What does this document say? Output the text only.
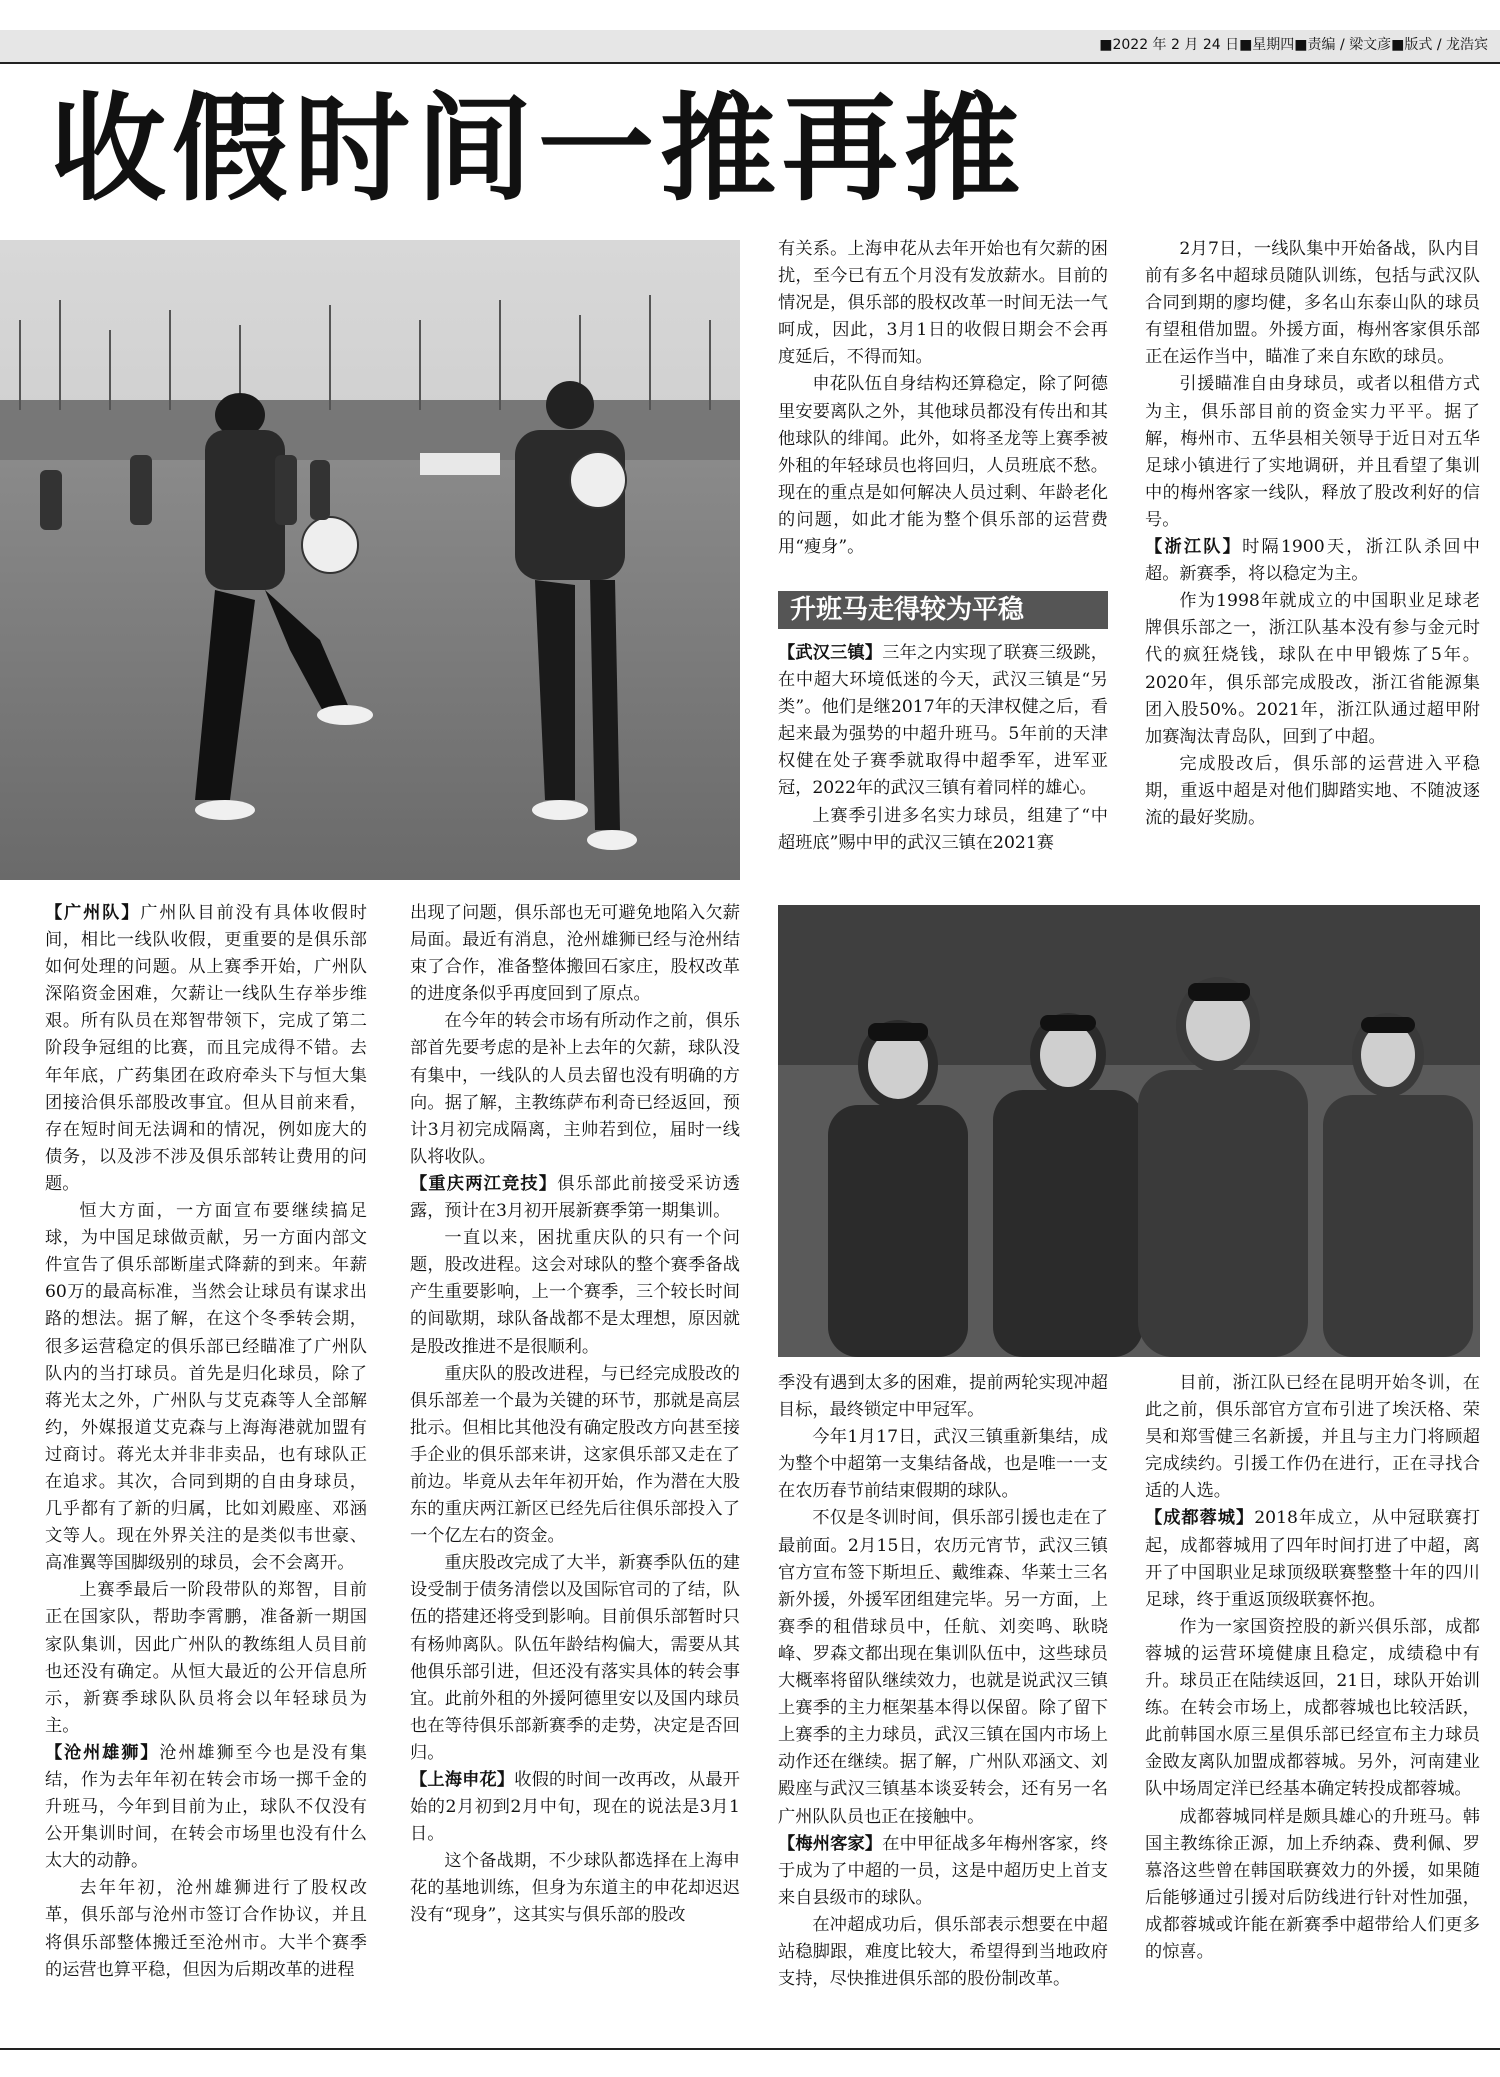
■2022 年 2 月 24 日■星期四■责编 / 梁文彦■版式 / 龙浩宾
收假时间一推再推

【广州队】广州队目前没有具体收假时间，相比一线队收假，更重要的是俱乐部如何处理的问题。从上赛季开始，广州队深陷资金困难，欠薪让一线队生存举步维艰。所有队员在郑智带领下，完成了第二阶段争冠组的比赛，而且完成得不错。去年年底，广药集团在政府牵头下与恒大集团接洽俱乐部股改事宜。但从目前来看，存在短时间无法调和的情况，例如庞大的债务，以及涉不涉及俱乐部转让费用的问题。

恒大方面，一方面宣布要继续搞足球，为中国足球做贡献，另一方面内部文件宣告了俱乐部断崖式降薪的到来。年薪60万的最高标准，当然会让球员有谋求出路的想法。据了解，在这个冬季转会期，很多运营稳定的俱乐部已经瞄准了广州队队内的当打球员。首先是归化球员，除了蒋光太之外，广州队与艾克森等人全部解约，外媒报道艾克森与上海海港就加盟有过商讨。蒋光太并非非卖品，也有球队正在追求。其次，合同到期的自由身球员，几乎都有了新的归属，比如刘殿座、邓涵文等人。现在外界关注的是类似韦世豪、高准翼等国脚级别的球员，会不会离开。

上赛季最后一阶段带队的郑智，目前正在国家队，帮助李霄鹏，准备新一期国家队集训，因此广州队的教练组人员目前也还没有确定。从恒大最近的公开信息所示，新赛季球队队员将会以年轻球员为主。

【沧州雄狮】沧州雄狮至今也是没有集结，作为去年年初在转会市场一掷千金的升班马，今年到目前为止，球队不仅没有公开集训时间，在转会市场里也没有什么太大的动静。

去年年初，沧州雄狮进行了股权改革，俱乐部与沧州市签订合作协议，并且将俱乐部整体搬迁至沧州市。大半个赛季的运营也算平稳，但因为后期改革的进程

出现了问题，俱乐部也无可避免地陷入欠薪局面。最近有消息，沧州雄狮已经与沧州结束了合作，准备整体搬回石家庄，股权改革的进度条似乎再度回到了原点。

在今年的转会市场有所动作之前，俱乐部首先要考虑的是补上去年的欠薪，球队没有集中，一线队的人员去留也没有明确的方向。据了解，主教练萨布利奇已经返回，预计3月初完成隔离，主帅若到位，届时一线队将收队。

【重庆两江竞技】俱乐部此前接受采访透露，预计在3月初开展新赛季第一期集训。

一直以来，困扰重庆队的只有一个问题，股改进程。这会对球队的整个赛季备战产生重要影响，上一个赛季，三个较长时间的间歇期，球队备战都不是太理想，原因就是股改推进不是很顺利。

重庆队的股改进程，与已经完成股改的俱乐部差一个最为关键的环节，那就是高层批示。但相比其他没有确定股改方向甚至接手企业的俱乐部来讲，这家俱乐部又走在了前边。毕竟从去年年初开始，作为潜在大股东的重庆两江新区已经先后往俱乐部投入了一个亿左右的资金。

重庆股改完成了大半，新赛季队伍的建设受制于债务清偿以及国际官司的了结，队伍的搭建还将受到影响。目前俱乐部暂时只有杨帅离队。队伍年龄结构偏大，需要从其他俱乐部引进，但还没有落实具体的转会事宜。此前外租的外援阿德里安以及国内球员也在等待俱乐部新赛季的走势，决定是否回归。

【上海申花】收假的时间一改再改，从最开始的2月初到2月中旬，现在的说法是3月1日。

这个备战期，不少球队都选择在上海申花的基地训练，但身为东道主的申花却迟迟没有“现身”，这其实与俱乐部的股改

有关系。上海申花从去年开始也有欠薪的困扰，至今已有五个月没有发放薪水。目前的情况是，俱乐部的股权改革一时间无法一气呵成，因此，3月1日的收假日期会不会再度延后，不得而知。

申花队伍自身结构还算稳定，除了阿德里安要离队之外，其他球员都没有传出和其他球队的绯闻。此外，如将圣龙等上赛季被外租的年轻球员也将回归，人员班底不愁。现在的重点是如何解决人员过剩、年龄老化的问题，如此才能为整个俱乐部的运营费用“瘦身”。

升班马走得较为平稳

【武汉三镇】三年之内实现了联赛三级跳，在中超大环境低迷的今天，武汉三镇是“另类”。他们是继2017年的天津权健之后，看起来最为强势的中超升班马。5年前的天津权健在处子赛季就取得中超季军，进军亚冠，2022年的武汉三镇有着同样的雄心。

上赛季引进多名实力球员，组建了“中超班底”赐中甲的武汉三镇在2021赛

季没有遇到太多的困难，提前两轮实现冲超目标，最终锁定中甲冠军。

今年1月17日，武汉三镇重新集结，成为整个中超第一支集结备战，也是唯一一支在农历春节前结束假期的球队。

不仅是冬训时间，俱乐部引援也走在了最前面。2月15日，农历元宵节，武汉三镇官方宣布签下斯坦丘、戴维森、华莱士三名新外援，外援军团组建完毕。另一方面，上赛季的租借球员中，任航、刘奕鸣、耿晓峰、罗森文都出现在集训队伍中，这些球员大概率将留队继续效力，也就是说武汉三镇上赛季的主力框架基本得以保留。除了留下上赛季的主力球员，武汉三镇在国内市场上动作还在继续。据了解，广州队邓涵文、刘殿座与武汉三镇基本谈妥转会，还有另一名广州队队员也正在接触中。

【梅州客家】在中甲征战多年梅州客家，终于成为了中超的一员，这是中超历史上首支来自县级市的球队。

在冲超成功后，俱乐部表示想要在中超站稳脚跟，难度比较大，希望得到当地政府支持，尽快推进俱乐部的股份制改革。

2月7日，一线队集中开始备战，队内目前有多名中超球员随队训练，包括与武汉队合同到期的廖均健，多名山东泰山队的球员有望租借加盟。外援方面，梅州客家俱乐部正在运作当中，瞄准了来自东欧的球员。

引援瞄准自由身球员，或者以租借方式为主，俱乐部目前的资金实力平平。据了解，梅州市、五华县相关领导于近日对五华足球小镇进行了实地调研，并且看望了集训中的梅州客家一线队，释放了股改利好的信号。

【浙江队】时隔1900天，浙江队杀回中超。新赛季，将以稳定为主。

作为1998年就成立的中国职业足球老牌俱乐部之一，浙江队基本没有参与金元时代的疯狂烧钱，球队在中甲锻炼了5年。2020年，俱乐部完成股改，浙江省能源集团入股50%。2021年，浙江队通过超甲附加赛淘汰青岛队，回到了中超。

完成股改后，俱乐部的运营进入平稳期，重返中超是对他们脚踏实地、不随波逐流的最好奖励。

目前，浙江队已经在昆明开始冬训，在此之前，俱乐部官方宣布引进了埃沃格、荣昊和郑雪健三名新援，并且与主力门将顾超完成续约。引援工作仍在进行，正在寻找合适的人选。

【成都蓉城】2018年成立，从中冠联赛打起，成都蓉城用了四年时间打进了中超，离开了中国职业足球顶级联赛整整十年的四川足球，终于重返顶级联赛怀抱。

作为一家国资控股的新兴俱乐部，成都蓉城的运营环境健康且稳定，成绩稳中有升。球员正在陆续返回，21日，球队开始训练。在转会市场上，成都蓉城也比较活跃，此前韩国水原三星俱乐部已经宣布主力球员金敃友离队加盟成都蓉城。另外，河南建业队中场周定洋已经基本确定转投成都蓉城。

成都蓉城同样是颇具雄心的升班马。韩国主教练徐正源，加上乔纳森、费利佩、罗慕洛这些曾在韩国联赛效力的外援，如果随后能够通过引援对后防线进行针对性加强，成都蓉城或许能在新赛季中超带给人们更多的惊喜。
